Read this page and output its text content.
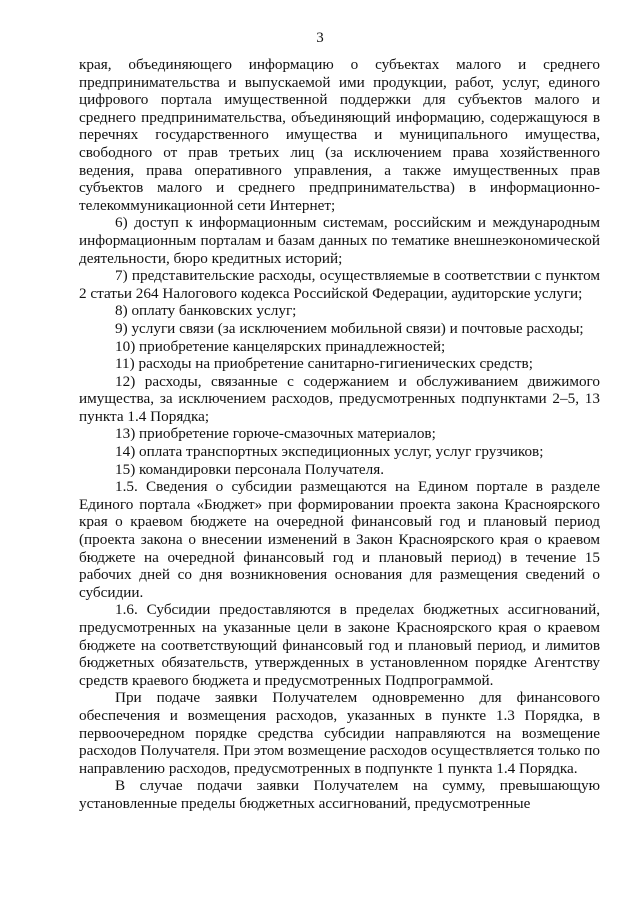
3

края, объединяющего информацию о субъектах малого и среднего предпринимательства и выпускаемой ими продукции, работ, услуг, единого цифрового портала имущественной поддержки для субъектов малого и среднего предпринимательства, объединяющий информацию, содержащуюся в перечнях государственного имущества и муниципального имущества, свободного от прав третьих лиц (за исключением права хозяйственного ведения, права оперативного управления, а также имущественных прав субъектов малого и среднего предпринимательства) в информационно-телекоммуникационной сети Интернет;

6) доступ к информационным системам, российским и международным информационным порталам и базам данных по тематике внешнеэкономической деятельности, бюро кредитных историй;

7) представительские расходы, осуществляемые в соответствии с пунктом 2 статьи 264 Налогового кодекса Российской Федерации, аудиторские услуги;

8) оплату банковских услуг;

9) услуги связи (за исключением мобильной связи) и почтовые расходы;

10) приобретение канцелярских принадлежностей;

11) расходы на приобретение санитарно-гигиенических средств;

12) расходы, связанные с содержанием и обслуживанием движимого имущества, за исключением расходов, предусмотренных подпунктами 2–5, 13 пункта 1.4 Порядка;

13) приобретение горюче-смазочных материалов;

14) оплата транспортных экспедиционных услуг, услуг грузчиков;

15) командировки персонала Получателя.

1.5. Сведения о субсидии размещаются на Едином портале в разделе Единого портала «Бюджет» при формировании проекта закона Красноярского края о краевом бюджете на очередной финансовый год и плановый период (проекта закона о внесении изменений в Закон Красноярского края о краевом бюджете на очередной финансовый год и плановый период) в течение 15 рабочих дней со дня возникновения основания для размещения сведений о субсидии.

1.6. Субсидии предоставляются в пределах бюджетных ассигнований, предусмотренных на указанные цели в законе Красноярского края о краевом бюджете на соответствующий финансовый год и плановый период, и лимитов бюджетных обязательств, утвержденных в установленном порядке Агентству средств краевого бюджета и предусмотренных Подпрограммой.

При подаче заявки Получателем одновременно для финансового обеспечения и возмещения расходов, указанных в пункте 1.3 Порядка, в первоочередном порядке средства субсидии направляются на возмещение расходов Получателя. При этом возмещение расходов осуществляется только по направлению расходов, предусмотренных в подпункте 1 пункта 1.4 Порядка.

В случае подачи заявки Получателем на сумму, превышающую установленные пределы бюджетных ассигнований, предусмотренные
